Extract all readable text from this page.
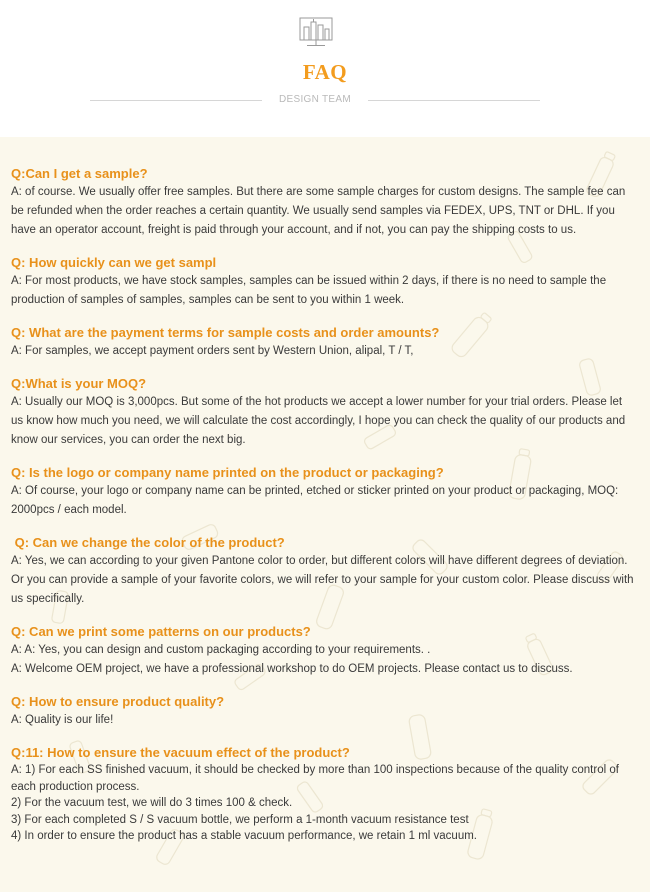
FAQ
DESIGN TEAM

Q:Can I get a sample?

A: of course. We usually offer free samples. But there are some sample charges for custom designs. The sample fee can be refunded when the order reaches a certain quantity. We usually send samples via FEDEX, UPS, TNT or DHL. If you have an operator account, freight is paid through your account, and if not, you can pay the shipping costs to us.

Q: How quickly can we get sampl

A: For most products, we have stock samples, samples can be issued within 2 days, if there is no need to sample the production of samples of samples, samples can be sent to you within 1 week.

Q: What are the payment terms for sample costs and order amounts?

A: For samples, we accept payment orders sent by Western Union, alipal, T / T,

Q:What is your MOQ?

A: Usually our MOQ is 3,000pcs. But some of the hot products we accept a lower number for your trial orders. Please let us know how much you need, we will calculate the cost accordingly, I hope you can check the quality of our products and know our services, you can order the next big.

Q: Is the logo or company name printed on the product or packaging?

A: Of course, your logo or company name can be printed, etched or sticker printed on your product or packaging, MOQ: 2000pcs / each model.

Q: Can we change the color of the product?

A: Yes, we can according to your given Pantone color to order, but different colors will have different degrees of deviation. Or you can provide a sample of your favorite colors, we will refer to your sample for your custom color. Please discuss with us specifically.

Q: Can we print some patterns on our products?

A: A: Yes, you can design and custom packaging according to your requirements. .

A: Welcome OEM project, we have a professional workshop to do OEM projects. Please contact us to discuss.

Q: How to ensure product quality?

A: Quality is our life!

Q:11: How to ensure the vacuum effect of the product?

A: 1) For each SS finished vacuum, it should be checked by more than 100 inspections because of the quality control of each production process.

2) For the vacuum test, we will do 3 times 100 & check.

3) For each completed S / S vacuum bottle, we perform a 1-month vacuum resistance test

4) In order to ensure the product has a stable vacuum performance, we retain 1 ml vacuum.
